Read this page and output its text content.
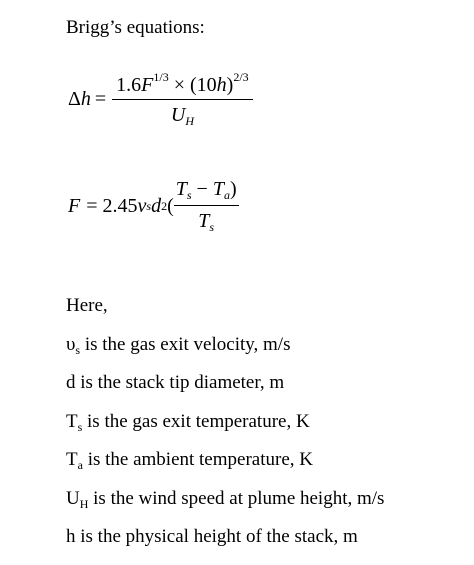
Brigg’s equations:
Δ $h = \frac{1.6F^{1/3} \times (10h)^{2/3}}{U_H}$
F = 2.45 v s d 2 ( $\frac{T_s - T_a)}{T_s}$
Here,
$\upsilon_s$ is the gas exit velocity, m/s
d is the stack tip diameter, m
$T_s$ is the gas exit temperature, K
$T_a$ is the ambient temperature, K
$U_H$ is the wind speed at plume height, m/s
h is the physical height of the stack, m
